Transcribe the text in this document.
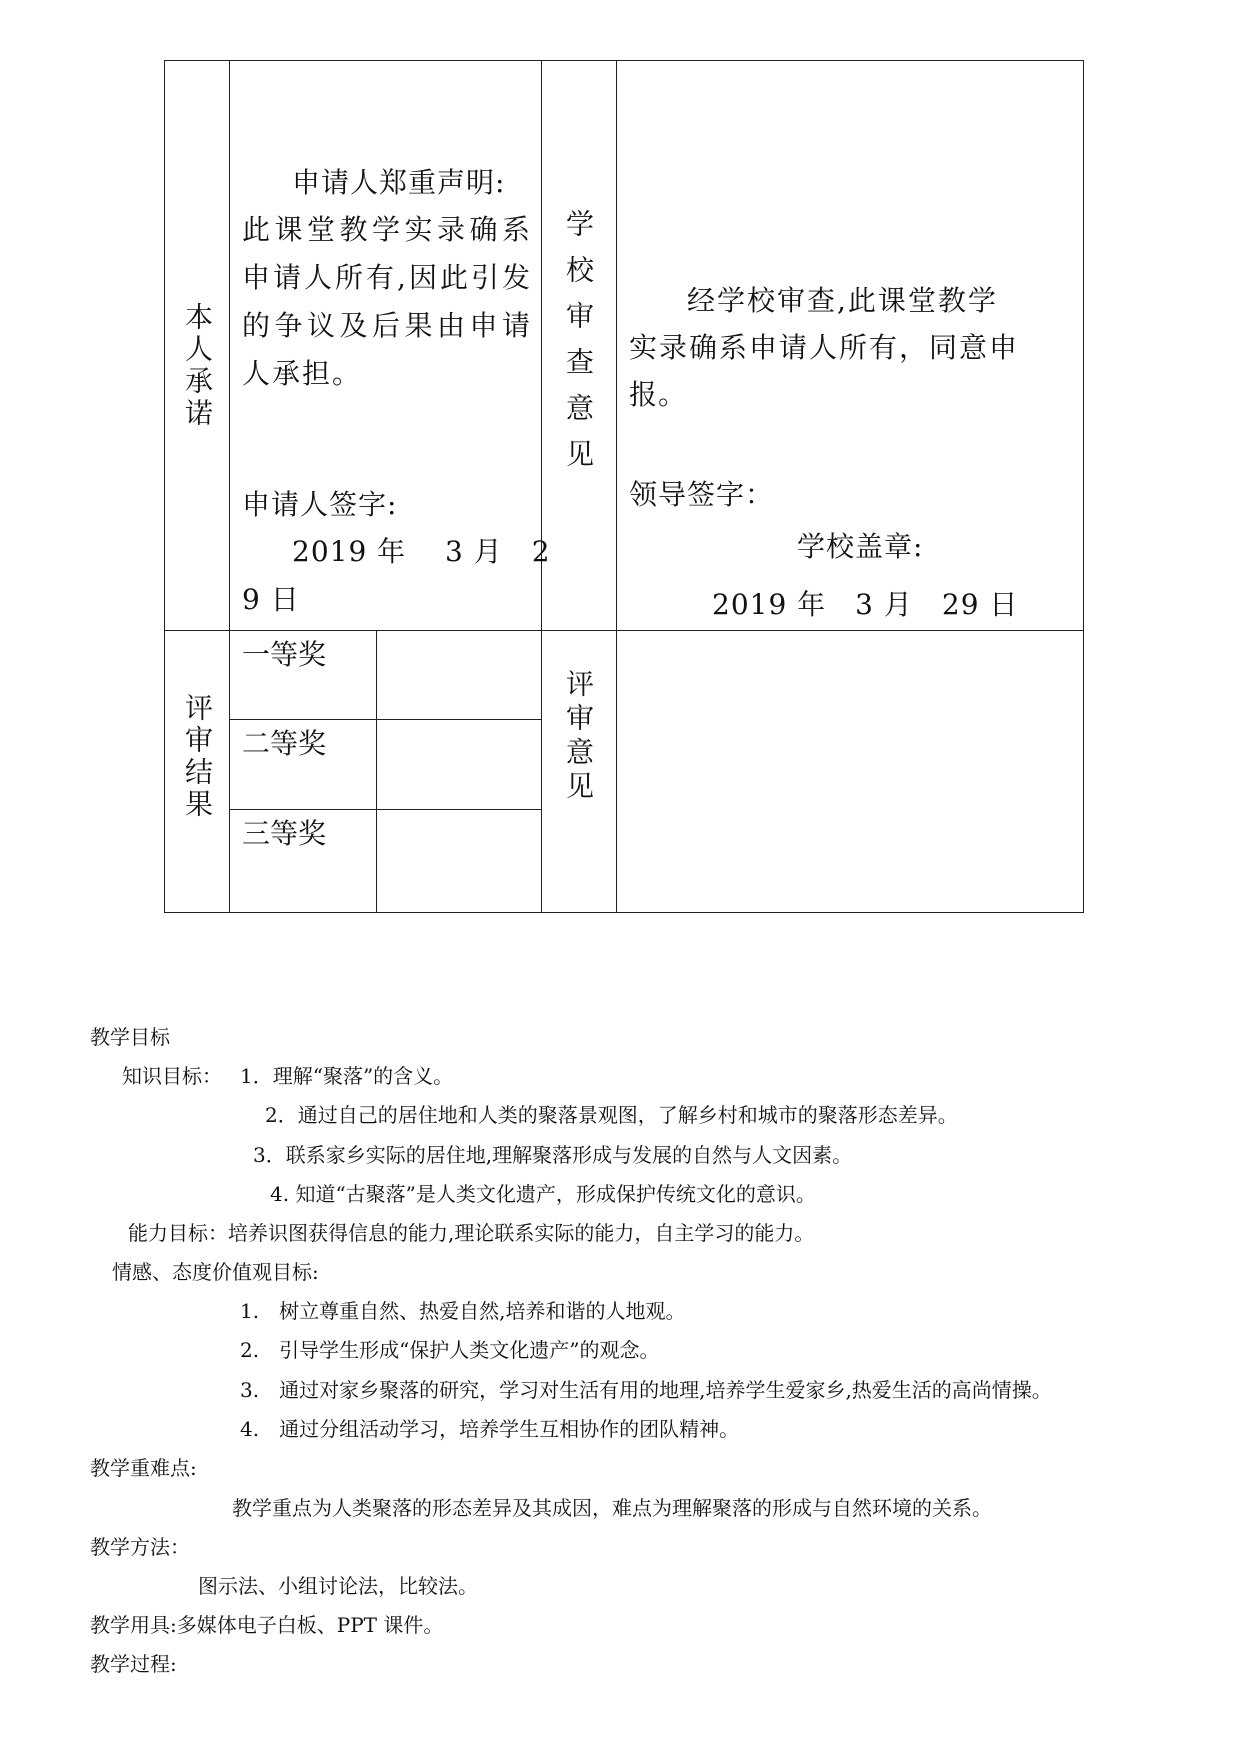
本人承诺
申请人郑重声明:
此课堂教学实录确系申请人所有,因此引发的争议及后果由申请人承担。
申请人签字:
2019 年　 3 月　2
9 日
学校审查意见	经学校审查,此课堂教学
实录确系申请人所有，同意申
报。
领导签字：
学校盖章:
2019 年　3 月　29 日
评审结果
一等奖
二等奖
三等奖
评审意见
教学目标
知识目标： 1．理解“聚落”的含义。
2．通过自己的居住地和人类的聚落景观图，了解乡村和城市的聚落形态差异。
3．联系家乡实际的居住地,理解聚落形成与发展的自然与人文因素。
4. 知道“古聚落”是人类文化遗产，形成保护传统文化的意识。
能力目标：培养识图获得信息的能力,理论联系实际的能力，自主学习的能力。
情感、态度价值观目标:
1.　树立尊重自然、热爱自然,培养和谐的人地观。
2.　引导学生形成“保护人类文化遗产”的观念。
3.　通过对家乡聚落的研究，学习对生活有用的地理,培养学生爱家乡,热爱生活的高尚情操。
4.　通过分组活动学习，培养学生互相协作的团队精神。
教学重难点:
教学重点为人类聚落的形态差异及其成因，难点为理解聚落的形成与自然环境的关系。
教学方法：
图示法、小组讨论法，比较法。
教学用具:多媒体电子白板、PPT 课件。
教学过程:
